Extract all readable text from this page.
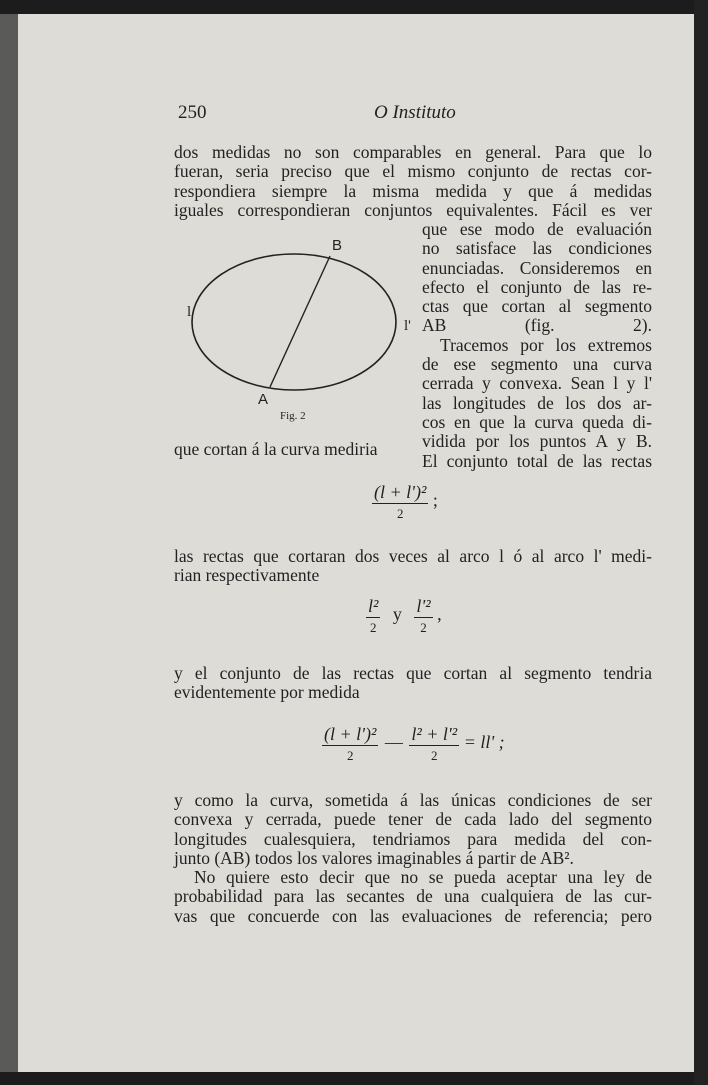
250	O Instituto
dos medidas no son comparables en general. Para que lo
fueran, seria preciso que el mismo conjunto de rectas cor-
respondiera siempre la misma medida y que á medidas
iguales correspondieran conjuntos equivalentes. Fácil es ver
que ese modo de evaluación
no satisface las condiciones
enunciadas. Consideremos en
efecto el conjunto de las re-
ctas que cortan al segmento
AB (fig. 2).
Tracemos por los extremos
de ese segmento una curva
cerrada y convexa. Sean l y l'
las longitudes de los dos ar-
cos en que la curva queda di-
vidida por los puntos A y B.
El conjunto total de las rectas
B
A
l
l'
Fig. 2
que cortan á la curva mediria
$\frac{\text{(l + l')²}}{2}$ ;
las rectas que cortaran dos veces al arco l ó al arco l' medi-
rian respectivamente
$\frac{\text{l²}}{2}$ y $\frac{\text{l'²}}{2}$ ,
y el conjunto de las rectas que cortan al segmento tendria
evidentemente por medida
$\frac{\text{(l + l')²}}{2}$ — $\frac{\text{l² + l'²}}{2} = ll'$ ;
y como la curva, sometida á las únicas condiciones de ser
convexa y cerrada, puede tener de cada lado del segmento
longitudes cualesquiera, tendriamos para medida del con-
junto (AB) todos los valores imaginables á partir de AB².
No quiere esto decir que no se pueda aceptar una ley de
probabilidad para las secantes de una cualquiera de las cur-
vas que concuerde con las evaluaciones de referencia; pero
